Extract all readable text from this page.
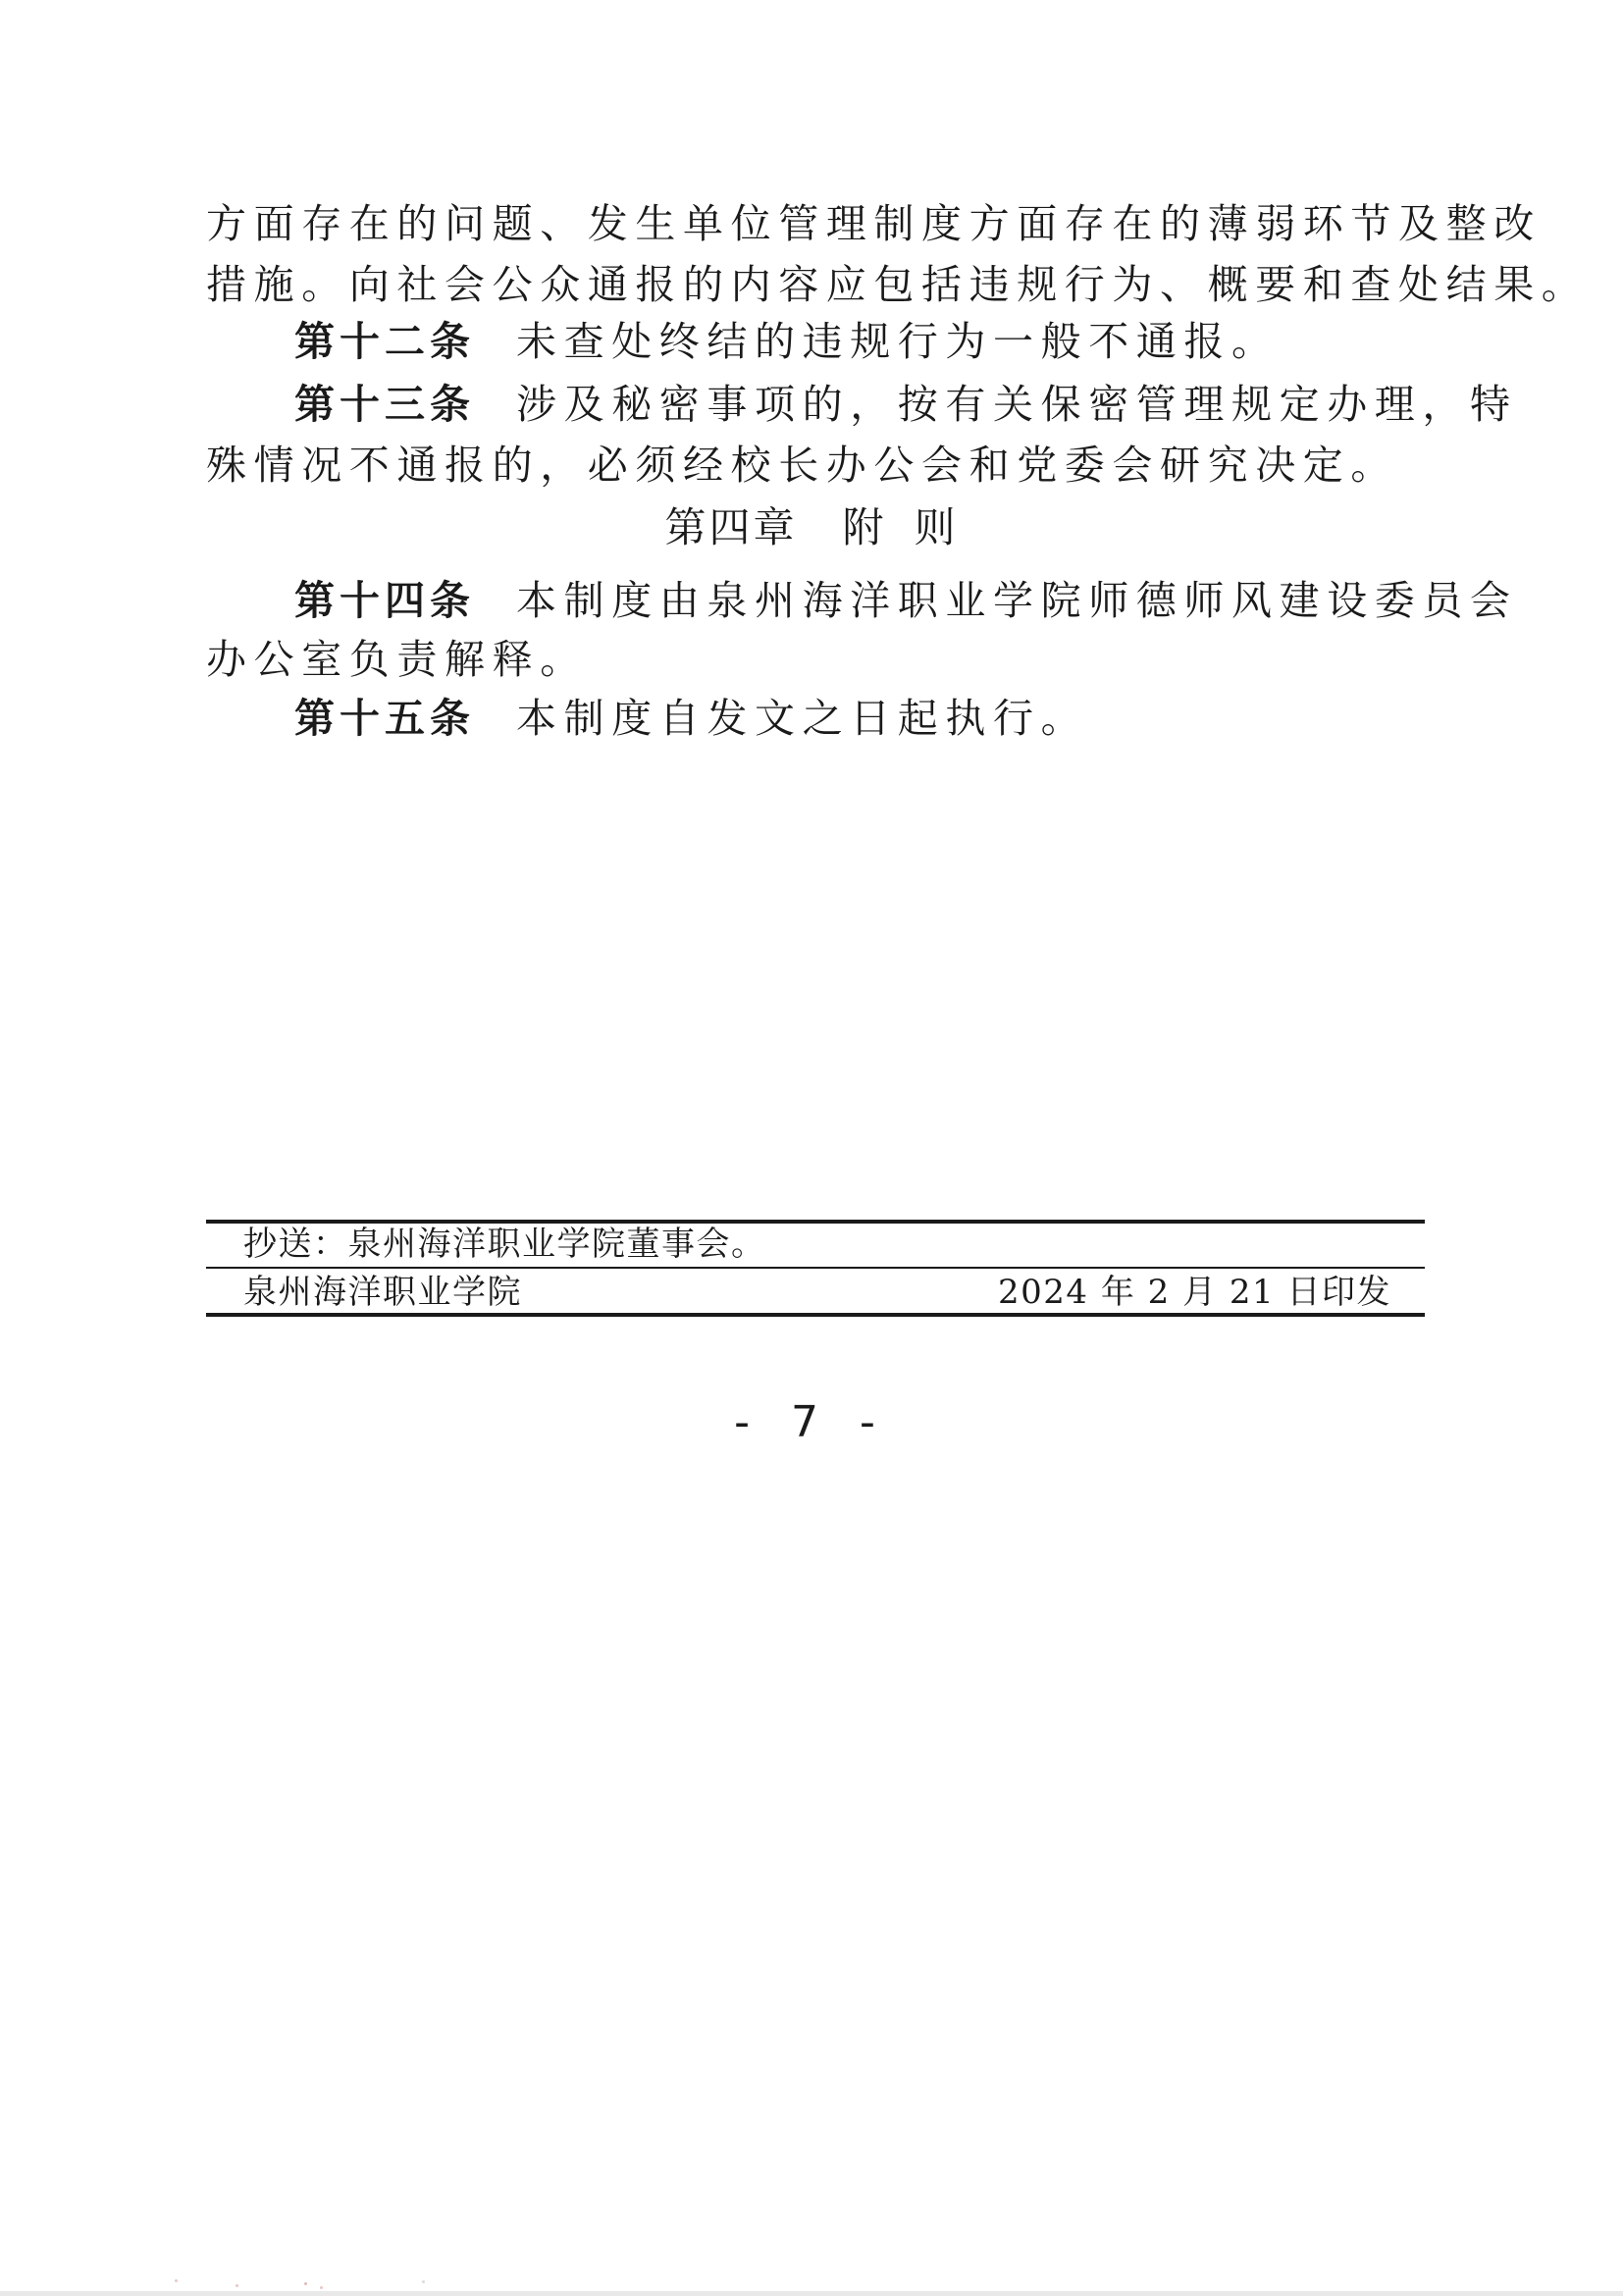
方面存在的问题、发生单位管理制度方面存在的薄弱环节及整改
措施。向社会公众通报的内容应包括违规行为、概要和查处结果。
第十二条 未查处终结的违规行为一般不通报。
第十三条 涉及秘密事项的，按有关保密管理规定办理，特
殊情况不通报的，必须经校长办公会和党委会研究决定。
第四章 附 则
第十四条 本制度由泉州海洋职业学院师德师风建设委员会
办公室负责解释。
第十五条 本制度自发文之日起执行。
抄送：泉州海洋职业学院董事会。
泉州海洋职业学院	2024 年 2 月 21 日印发
- 7 -
